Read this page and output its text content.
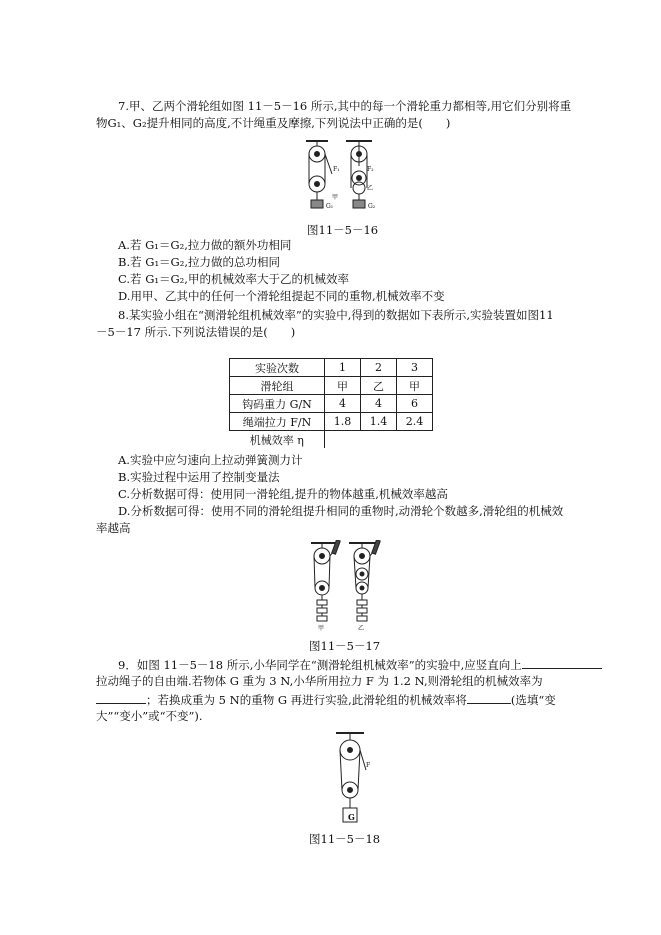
7.甲、乙两个滑轮组如图 11－5－16 所示,其中的每一个滑轮重力都相等,用它们分别将重
物G₁、G₂提升相同的高度,不计绳重及摩擦,下列说法中正确的是(　　)
甲
乙
G₁	G₂
F₁	F₂
图11－5－16
A.若 G₁＝G₂,拉力做的额外功相同
B.若 G₁＝G₂,拉力做的总功相同
C.若 G₁＝G₂,甲的机械效率大于乙的机械效率
D.用甲、乙其中的任何一个滑轮组提起不同的重物,机械效率不变
8.某实验小组在“测滑轮组机械效率”的实验中,得到的数据如下表所示,实验装置如图11
－5－17 所示.下列说法错误的是(　　)
实验次数	1	2	3
滑轮组	甲	乙	甲
钩码重力 G/N	4	4	6
绳端拉力 F/N	1.8	1.4	2.4
机械效率 η			
A.实验中应匀速向上拉动弹簧测力计
B.实验过程中运用了控制变量法
C.分析数据可得：使用同一滑轮组,提升的物体越重,机械效率越高
D.分析数据可得：使用不同的滑轮组提升相同的重物时,动滑轮个数越多,滑轮组的机械效
率越高
甲	乙
图11－5－17
9．如图 11－5－18 所示,小华同学在“测滑轮组机械效率”的实验中,应竖直向上
拉动绳子的自由端.若物体 G 重为 3 N,小华所用拉力 F 为 1.2 N,则滑轮组的机械效率为
；若换成重为 5 N的重物 G 再进行实验,此滑轮组的机械效率将	(选填“变
大”“变小”或“不变”).
F
G
图11－5－18
